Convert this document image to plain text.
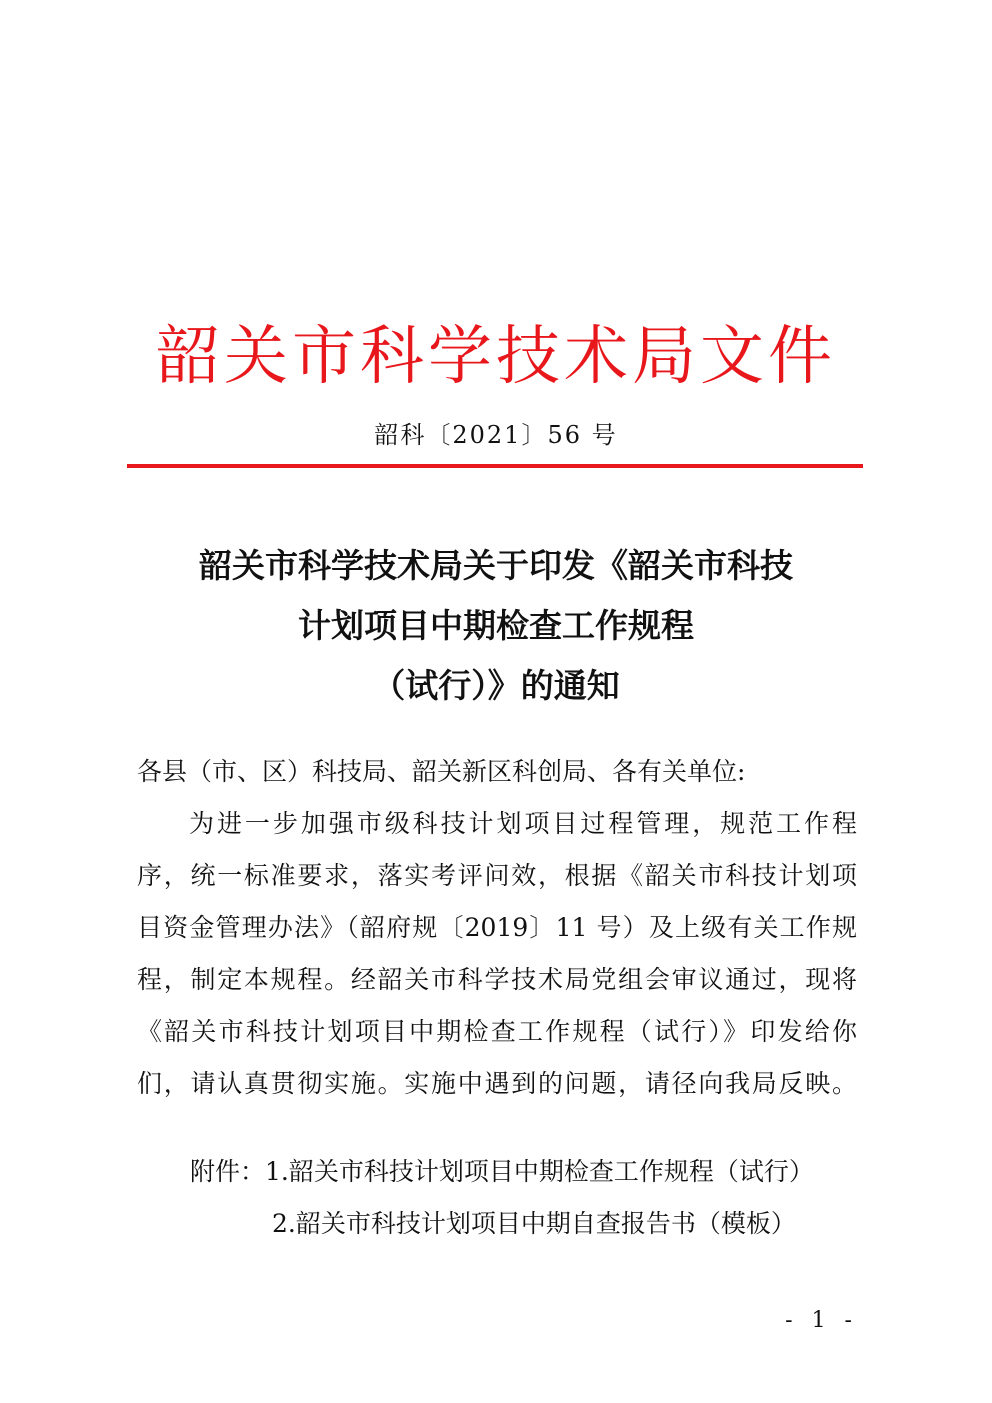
韶关市科学技术局文件
韶科〔2021〕56 号
韶关市科学技术局关于印发《韶关市科技
计划项目中期检查工作规程
（试行）》的通知
各县（市、区）科技局、韶关新区科创局、各有关单位:
为进一步加强市级科技计划项目过程管理，规范工作程
序，统一标准要求，落实考评问效，根据《韶关市科技计划项
目资金管理办法》（韶府规〔2019〕11 号）及上级有关工作规
程，制定本规程。经韶关市科学技术局党组会审议通过，现将
《韶关市科技计划项目中期检查工作规程（试行）》印发给你
们，请认真贯彻实施。实施中遇到的问题，请径向我局反映。
附件：1.韶关市科技计划项目中期检查工作规程（试行）
2.韶关市科技计划项目中期自查报告书（模板）
- 1 -
